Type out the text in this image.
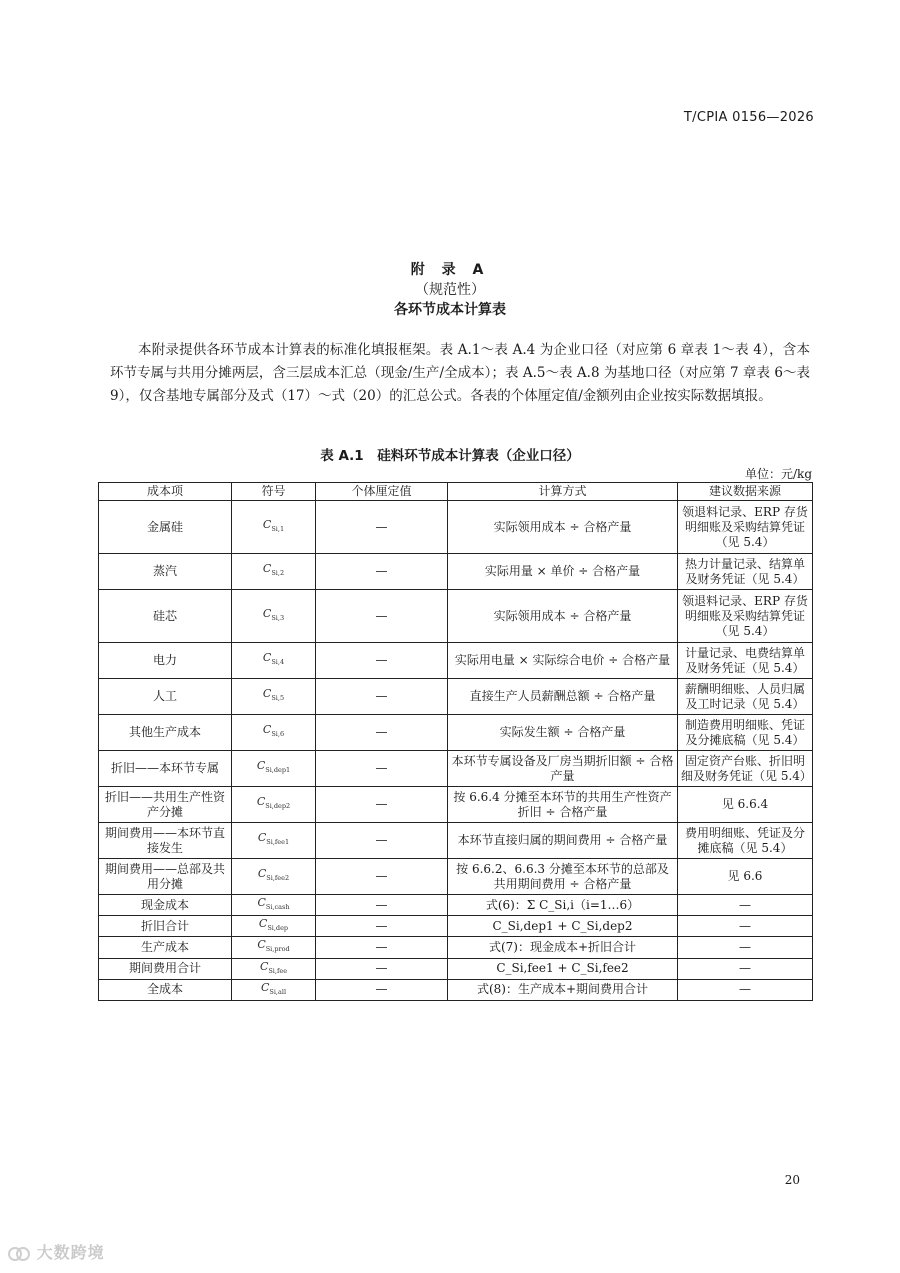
T/CPIA 0156—2026
附 录 A
（规范性）
各环节成本计算表

本附录提供各环节成本计算表的标准化填报框架。表 A.1～表 A.4 为企业口径（对应第 6 章表 1～表 4），含本环节专属与共用分摊两层，含三层成本汇总（现金/生产/全成本）；表 A.5～表 A.8 为基地口径（对应第 7 章表 6～表 9），仅含基地专属部分及式（17）～式（20）的汇总公式。各表的个体厘定值/金额列由企业按实际数据填报。

表 A.1　硅料环节成本计算表（企业口径）
单位：元/kg
成本项	符号	个体厘定值	计算方式	建议数据来源
金属硅	$C_{Si,1}$	—	实际领用成本 ÷ 合格产量	领退料记录、ERP 存货明细账及采购结算凭证（见 5.4）
蒸汽	$C_{Si,2}$	—	实际用量 × 单价 ÷ 合格产量	热力计量记录、结算单及财务凭证（见 5.4）
硅芯	$C_{Si,3}$	—	实际领用成本 ÷ 合格产量	领退料记录、ERP 存货明细账及采购结算凭证（见 5.4）
电力	$C_{Si,4}$	—	实际用电量 × 实际综合电价 ÷ 合格产量	计量记录、电费结算单及财务凭证（见 5.4）
人工	$C_{Si,5}$	—	直接生产人员薪酬总额 ÷ 合格产量	薪酬明细账、人员归属及工时记录（见 5.4）
其他生产成本	$C_{Si,6}$	—	实际发生额 ÷ 合格产量	制造费用明细账、凭证及分摊底稿（见 5.4）
折旧——本环节专属	$C_{Si,dep1}$	—	本环节专属设备及厂房当期折旧额 ÷ 合格产量	固定资产台账、折旧明细及财务凭证（见 5.4）
折旧——共用生产性资产分摊	$C_{Si,dep2}$	—	按 6.6.4 分摊至本环节的共用生产性资产折旧 ÷ 合格产量	见 6.6.4
期间费用——本环节直接发生	$C_{Si,fee1}$	—	本环节直接归属的期间费用 ÷ 合格产量	费用明细账、凭证及分摊底稿（见 5.4）
期间费用——总部及共用分摊	$C_{Si,fee2}$	—	按 6.6.2、6.6.3 分摊至本环节的总部及共用期间费用 ÷ 合格产量	见 6.6
现金成本	$C_{Si,cash}$	—	式(6)：Σ C_Si,i（i=1…6）	—
折旧合计	$C_{Si,dep}$	—	C_Si,dep1 + C_Si,dep2	—
生产成本	$C_{Si,prod}$	—	式(7)：现金成本+折旧合计	—
期间费用合计	$C_{Si,fee}$	—	C_Si,fee1 + C_Si,fee2	—
全成本	$C_{Si,all}$	—	式(8)：生产成本+期间费用合计	—
20
大数跨境
